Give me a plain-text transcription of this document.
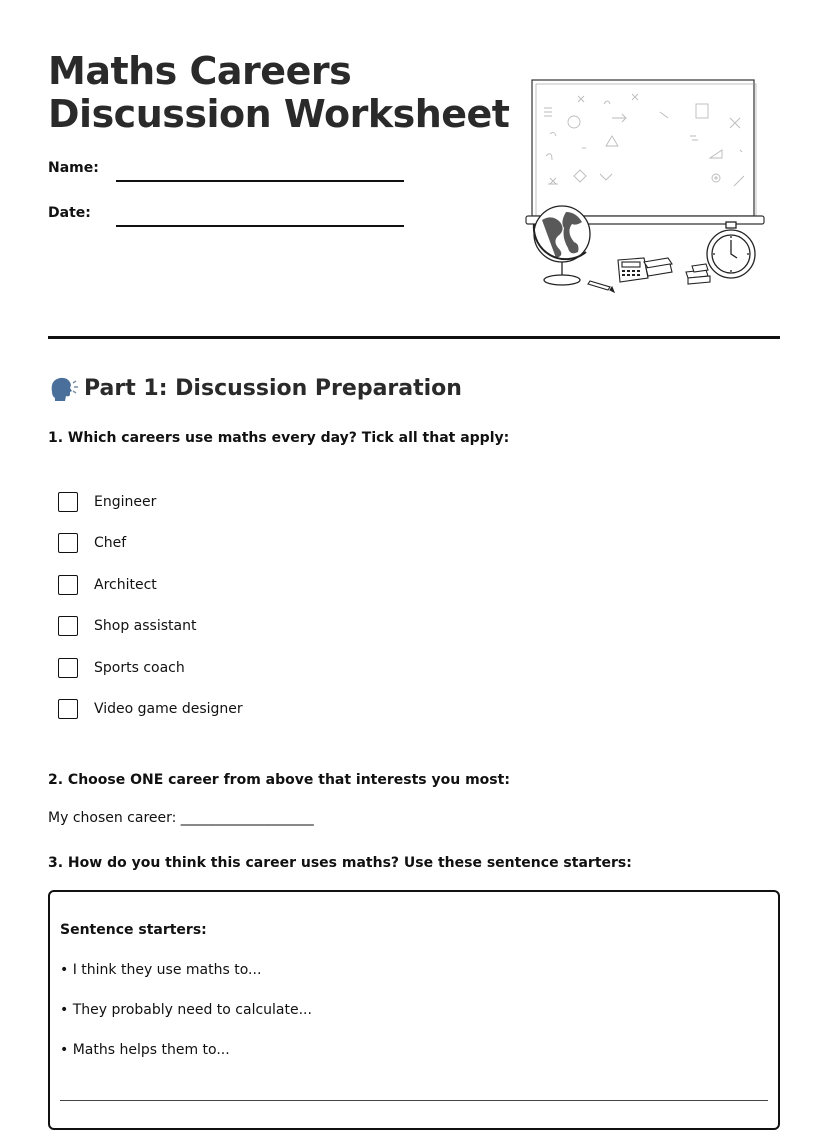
Maths Careers
Discussion Worksheet
Name:
Date:
Part 1: Discussion Preparation

1. Which careers use maths every day? Tick all that apply:

Engineer
Chef
Architect
Shop assistant
Sports coach
Video game designer

2. Choose ONE career from above that interests you most:

My chosen career: ___________________

3. How do you think this career uses maths? Use these sentence starters:

Sentence starters:
• I think they use maths to...
• They probably need to calculate...
• Maths helps them to...
